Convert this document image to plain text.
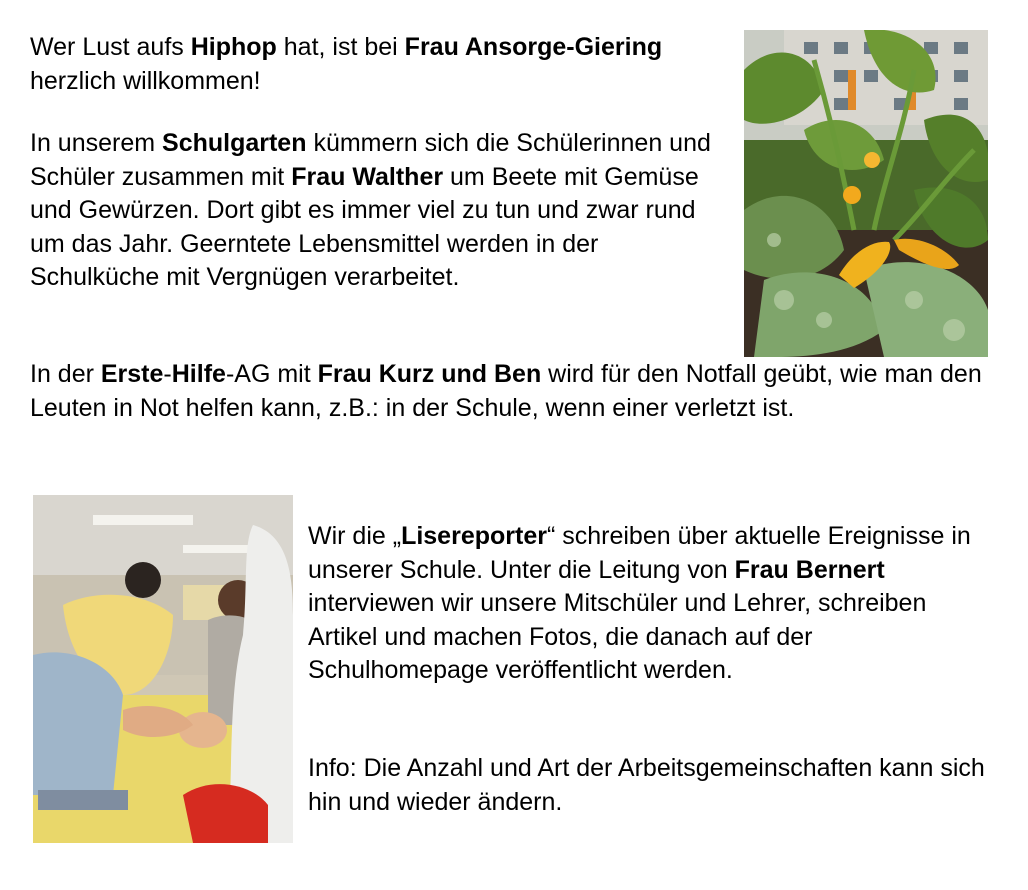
Wer Lust aufs Hiphop hat, ist bei Frau Ansorge-Giering herzlich willkommen!

In unserem Schulgarten kümmern sich die Schülerinnen und Schüler zusammen mit Frau Walther um Beete mit Gemüse und Gewürzen. Dort gibt es immer viel zu tun und zwar rund um das Jahr. Geerntete Lebensmittel werden in der Schulküche mit Vergnügen verarbeitet.

In der Erste-Hilfe-AG mit Frau Kurz und Ben wird für den Notfall geübt, wie man den Leuten in Not helfen kann, z.B.: in der Schule, wenn einer verletzt ist.

Wir die „Lisereporter“ schreiben über aktuelle Ereignisse in unserer Schule. Unter die Leitung von Frau Bernert interviewen wir unsere Mitschüler und Lehrer, schreiben Artikel und machen Fotos, die danach auf der Schulhomepage veröffentlicht werden.

Info: Die Anzahl und Art der Arbeitsgemeinschaften kann sich hin und wieder ändern.
